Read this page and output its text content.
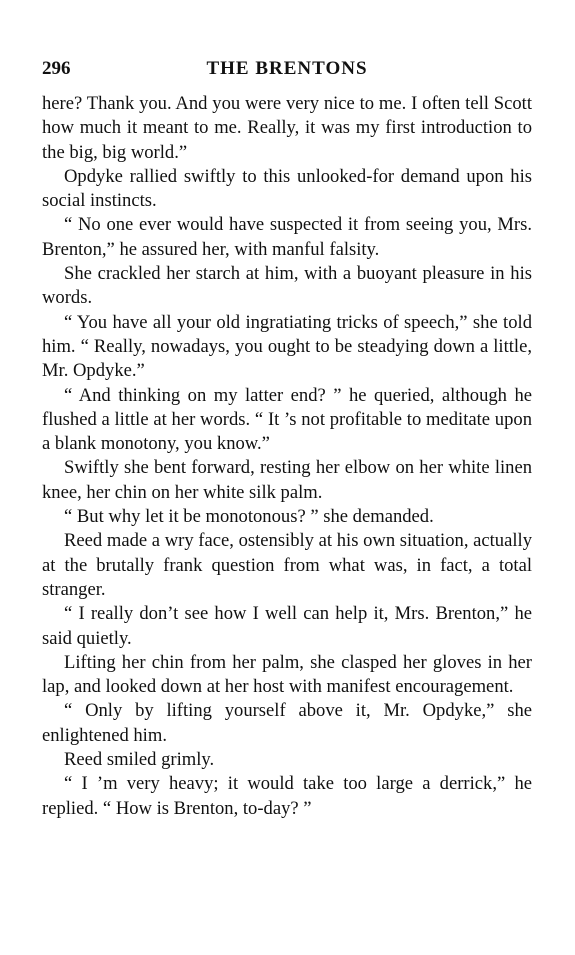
296	THE BRENTONS

here? Thank you. And you were very nice to me. I often tell Scott how much it meant to me. Really, it was my first introduction to the big, big world.”

Opdyke rallied swiftly to this unlooked-for demand upon his social instincts.

“ No one ever would have suspected it from seeing you, Mrs. Brenton,” he assured her, with manful falsity.

She crackled her starch at him, with a buoyant pleasure in his words.

“ You have all your old ingratiating tricks of speech,” she told him. “ Really, nowadays, you ought to be steadying down a little, Mr. Opdyke.”

“ And thinking on my latter end? ” he queried, although he flushed a little at her words. “ It ’s not profitable to meditate upon a blank monotony, you know.”

Swiftly she bent forward, resting her elbow on her white linen knee, her chin on her white silk palm.

“ But why let it be monotonous? ” she demanded.

Reed made a wry face, ostensibly at his own situation, actually at the brutally frank question from what was, in fact, a total stranger.

“ I really don’t see how I well can help it, Mrs. Brenton,” he said quietly.

Lifting her chin from her palm, she clasped her gloves in her lap, and looked down at her host with manifest encouragement.

“ Only by lifting yourself above it, Mr. Opdyke,” she enlightened him.

Reed smiled grimly.

“ I ’m very heavy; it would take too large a derrick,” he replied. “ How is Brenton, to-day? ”
